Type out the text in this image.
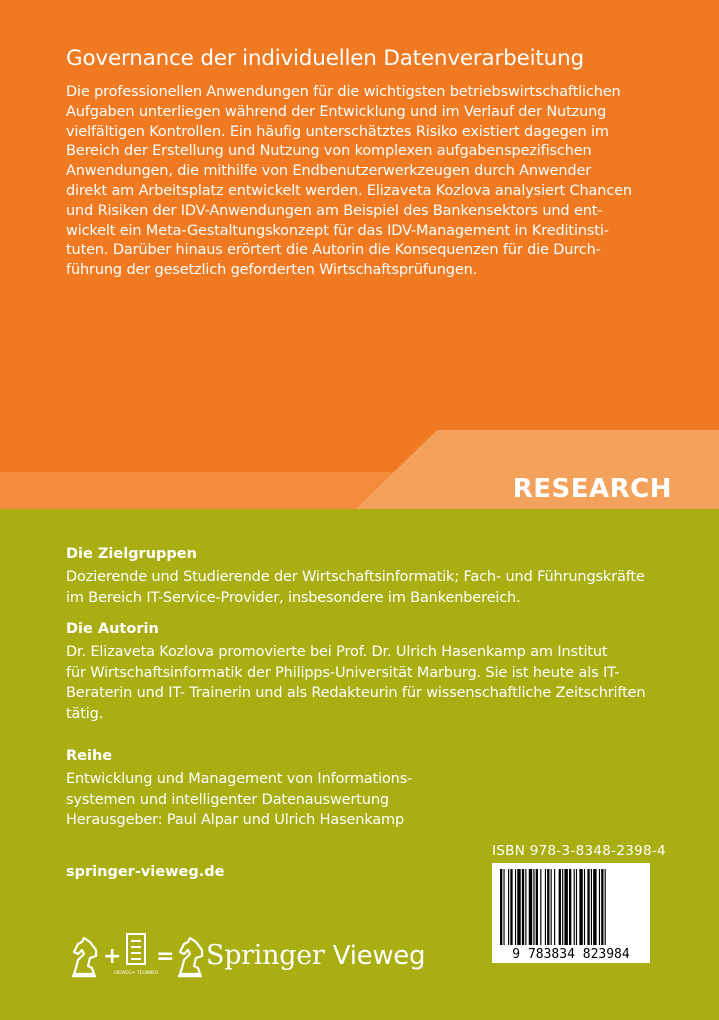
RESEARCH
Governance der individuellen Datenverarbeitung
Die professionellen Anwendungen für die wichtigsten betriebswirtschaftlichen
Aufgaben unterliegen während der Entwicklung und im Verlauf der Nutzung
vielfältigen Kontrollen. Ein häufig unterschätztes Risiko existiert dagegen im
Bereich der Erstellung und Nutzung von komplexen aufgabenspezifischen
Anwendungen, die mithilfe von Endbenutzerwerkzeugen durch Anwender
direkt am Arbeitsplatz entwickelt werden. Elizaveta Kozlova analysiert Chancen
und Risiken der IDV-Anwendungen am Beispiel des Bankensektors und ent-
wickelt ein Meta-Gestaltungskonzept für das IDV-Management in Kreditinsti-
tuten. Darüber hinaus erörtert die Autorin die Konsequenzen für die Durch-
führung der gesetzlich geforderten Wirtschaftsprüfungen.
Die Zielgruppen
Dozierende und Studierende der Wirtschaftsinformatik; Fach- und Führungskräfte
im Bereich IT-Service-Provider, insbesondere im Bankenbereich.
Die Autorin
Dr. Elizaveta Kozlova promovierte bei Prof. Dr. Ulrich Hasenkamp am Institut
für Wirtschaftsinformatik der Philipps-Universität Marburg. Sie ist heute als IT-
Beraterin und IT- Trainerin und als Redakteurin für wissenschaftliche Zeitschriften
tätig.
Reihe
Entwicklung und Management von Informations-
systemen und intelligenter Datenauswertung
Herausgeber: Paul Alpar und Ulrich Hasenkamp
springer-vieweg.de
ISBN 978-3-8348-2398-4
9 783834 823984
+
VIEWEG+ TEUBNER
= Springer Vieweg
